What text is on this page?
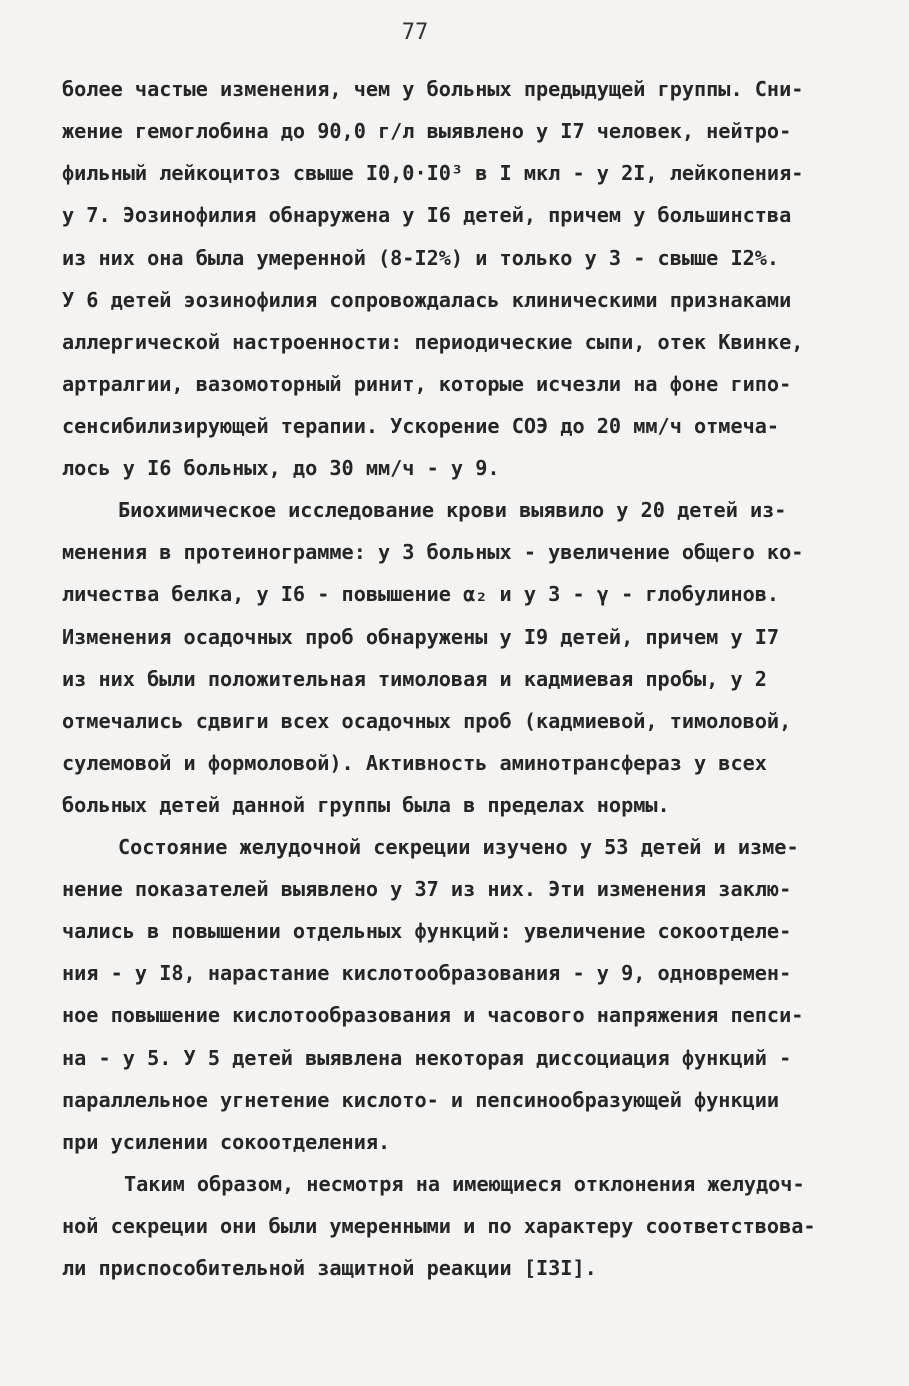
77
более частые изменения, чем у больных предыдущей группы. Сни-
жение гемоглобина до 90,0 г/л выявлено у I7 человек, нейтро-
фильный лейкоцитоз свыше I0,0·I0³ в I мкл - у 2I, лейкопения-
у 7. Эозинофилия обнаружена у I6 детей, причем у большинства
из них она была умеренной (8-I2%) и только у 3 - свыше I2%.
У 6 детей эозинофилия сопровождалась клиническими признаками
аллергической настроенности: периодические сыпи, отек Квинке,
артралгии, вазомоторный ринит, которые исчезли на фоне гипо-
сенсибилизирующей терапии. Ускорение СОЭ до 20 мм/ч отмеча-
лось у I6 больных, до 30 мм/ч - у 9.
Биохимическое исследование крови выявило у 20 детей из-
менения в протеинограмме: у 3 больных - увеличение общего ко-
личества белка, у I6 - повышение α₂ и у 3 - γ - глобулинов.
Изменения осадочных проб обнаружены у I9 детей, причем у I7
из них были положительная тимоловая и кадмиевая пробы, у 2
отмечались сдвиги всех осадочных проб (кадмиевой, тимоловой,
сулемовой и формоловой). Активность аминотрансфераз у всех
больных детей данной группы была в пределах нормы.
Состояние желудочной секреции изучено у 53 детей и изме-
нение показателей выявлено у 37 из них. Эти изменения заклю-
чались в повышении отдельных функций: увеличение сокоотделе-
ния - у I8, нарастание кислотообразования - у 9, одновремен-
ное повышение кислотообразования и часового напряжения пепси-
на - у 5. У 5 детей выявлена некоторая диссоциация функций -
параллельное угнетение кислото- и пепсинообразующей функции
при усилении сокоотделения.
Таким образом, несмотря на имеющиеся отклонения желудоч-
ной секреции они были умеренными и по характеру соответствова-
ли приспособительной защитной реакции [I3I].
